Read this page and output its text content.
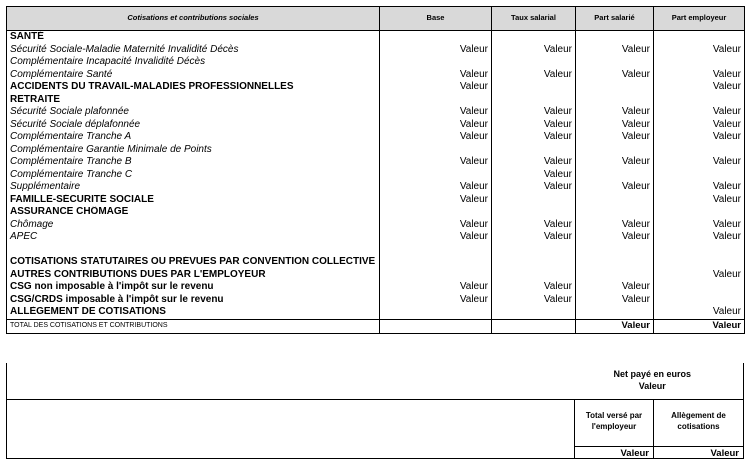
Cotisations et contributions sociales	Base	Taux salarial	Part salarié	Part employeur
SANTÉ				
Sécurité Sociale-Maladie Maternité Invalidité Décès	Valeur	Valeur	Valeur	Valeur
Complémentaire Incapacité Invalidité Décès				
Complémentaire Santé	Valeur	Valeur	Valeur	Valeur
ACCIDENTS DU TRAVAIL-MALADIES PROFESSIONNELLES	Valeur			Valeur
RETRAITE				
Sécurité Sociale plafonnée	Valeur	Valeur	Valeur	Valeur
Sécurité Sociale déplafonnée	Valeur	Valeur	Valeur	Valeur
Complémentaire Tranche A	Valeur	Valeur	Valeur	Valeur
Complémentaire Garantie Minimale de Points				
Complémentaire Tranche B	Valeur	Valeur	Valeur	Valeur
Complémentaire Tranche C		Valeur		
Supplémentaire	Valeur	Valeur	Valeur	Valeur
FAMILLE-SÉCURITÉ SOCIALE	Valeur			Valeur
ASSURANCE CHÔMAGE				
Chômage	Valeur	Valeur	Valeur	Valeur
APEC	Valeur	Valeur	Valeur	Valeur

COTISATIONS STATUTAIRES OU PRÉVUES PAR CONVENTION COLLECTIVE				
AUTRES CONTRIBUTIONS DUES PAR L'EMPLOYEUR				Valeur
CSG non imposable à l'impôt sur le revenu	Valeur	Valeur	Valeur	
CSG/CRDS imposable à l'impôt sur le revenu	Valeur	Valeur	Valeur	
ALLÈGEMENT DE COTISATIONS				Valeur
TOTAL DES COTISATIONS ET CONTRIBUTIONS			Valeur	Valeur
Net payé en euros
Valeur
Total versé par
l'employeur
Valeur
Allègement de
cotisations
Valeur
